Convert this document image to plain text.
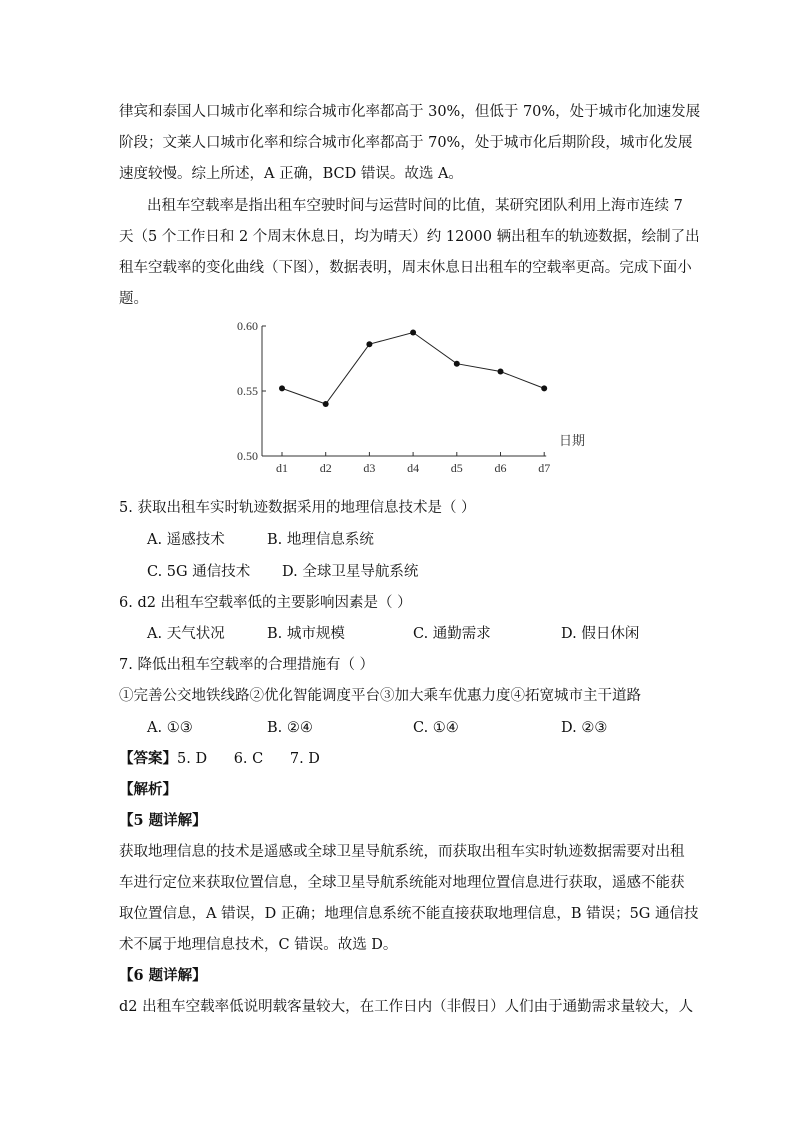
律宾和泰国人口城市化率和综合城市化率都高于 30%，但低于 70%，处于城市化加速发展
阶段；文莱人口城市化率和综合城市化率都高于 70%，处于城市化后期阶段，城市化发展
速度较慢。综上所述，A 正确，BCD 错误。故选 A。
出租车空载率是指出租车空驶时间与运营时间的比值，某研究团队利用上海市连续 7
天（5 个工作日和 2 个周末休息日，均为晴天）约 12000 辆出租车的轨迹数据，绘制了出
租车空载率的变化曲线（下图），数据表明，周末休息日出租车的空载率更高。完成下面小
题。
0.50
0.55
0.60
d1	d2	d3	d4	d5	d6	d7
日期
5. 获取出租车实时轨迹数据采用的地理信息技术是（ ）
A. 遥感技术	B. 地理信息系统
C. 5G 通信技术 D. 全球卫星导航系统
6. d2 出租车空载率低的主要影响因素是（ ）
A. 天气状况	B. 城市规模	C. 通勤需求	D. 假日休闲
7. 降低出租车空载率的合理措施有（ ）
①完善公交地铁线路②优化智能调度平台③加大乘车优惠力度④拓宽城市主干道路
A. ①③	B. ②④	C. ①④	D. ②③
【答案】5. D 6. C 7. D
【解析】
【5 题详解】
获取地理信息的技术是遥感或全球卫星导航系统，而获取出租车实时轨迹数据需要对出租
车进行定位来获取位置信息，全球卫星导航系统能对地理位置信息进行获取，遥感不能获
取位置信息，A 错误，D 正确；地理信息系统不能直接获取地理信息，B 错误；5G 通信技
术不属于地理信息技术，C 错误。故选 D。
【6 题详解】
d2 出租车空载率低说明载客量较大，在工作日内（非假日）人们由于通勤需求量较大，人
